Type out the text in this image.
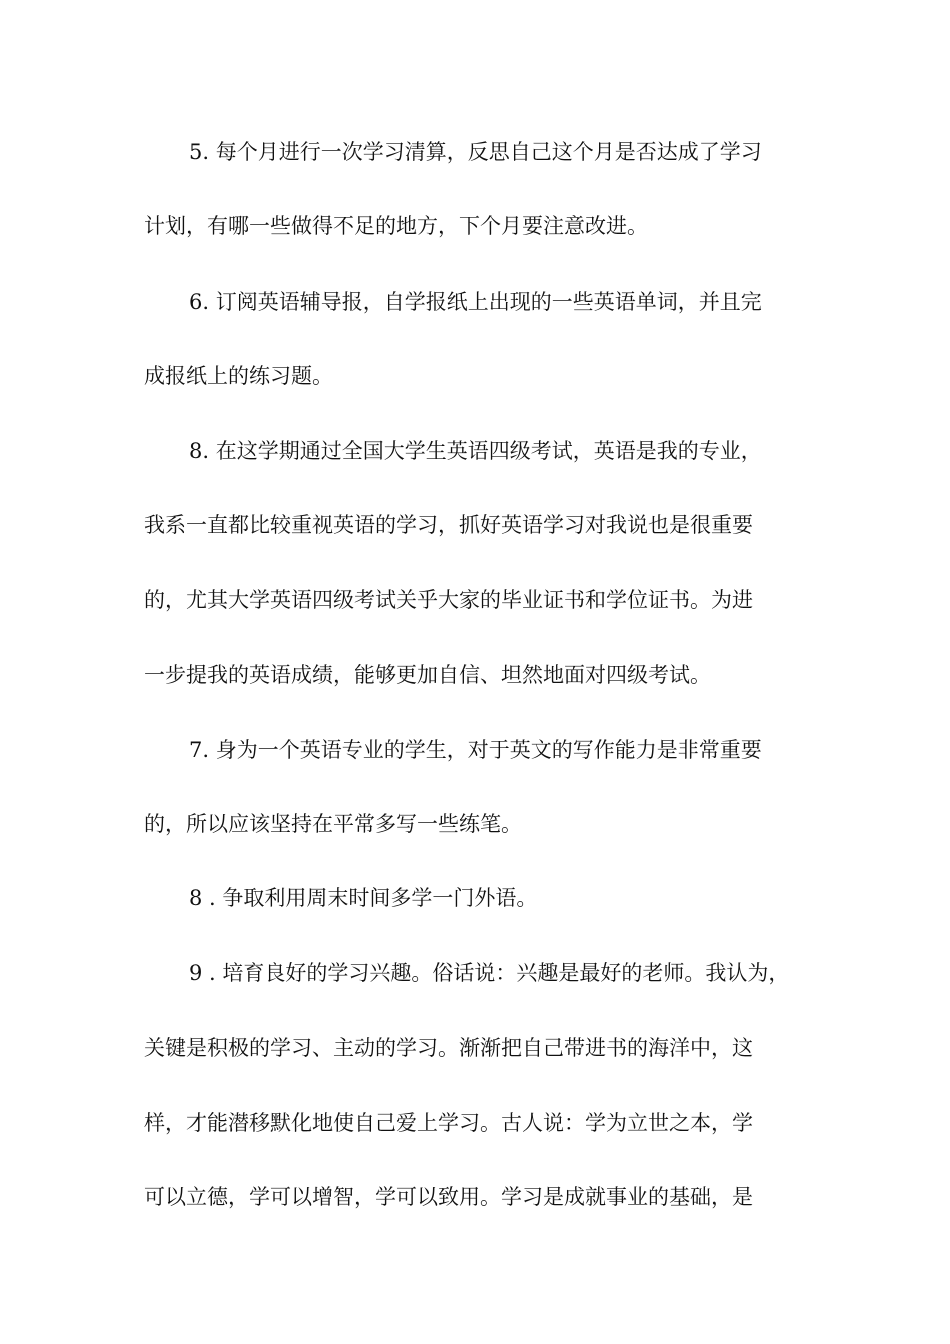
5. 每个月进行一次学习清算，反思自己这个月是否达成了学习
计划，有哪一些做得不足的地方，下个月要注意改进。
6. 订阅英语辅导报，自学报纸上出现的一些英语单词，并且完
成报纸上的练习题。
8. 在这学期通过全国大学生英语四级考试，英语是我的专业，
我系一直都比较重视英语的学习，抓好英语学习对我说也是很重要
的，尤其大学英语四级考试关乎大家的毕业证书和学位证书。为进
一步提我的英语成绩，能够更加自信、坦然地面对四级考试。
7. 身为一个英语专业的学生，对于英文的写作能力是非常重要
的，所以应该坚持在平常多写一些练笔。
8 . 争取利用周末时间多学一门外语。
9 . 培育良好的学习兴趣。俗话说：兴趣是最好的老师。我认为，
关键是积极的学习、主动的学习。渐渐把自己带进书的海洋中，这
样，才能潜移默化地使自己爱上学习。古人说：学为立世之本，学
可以立德，学可以增智，学可以致用。学习是成就事业的基础，是
